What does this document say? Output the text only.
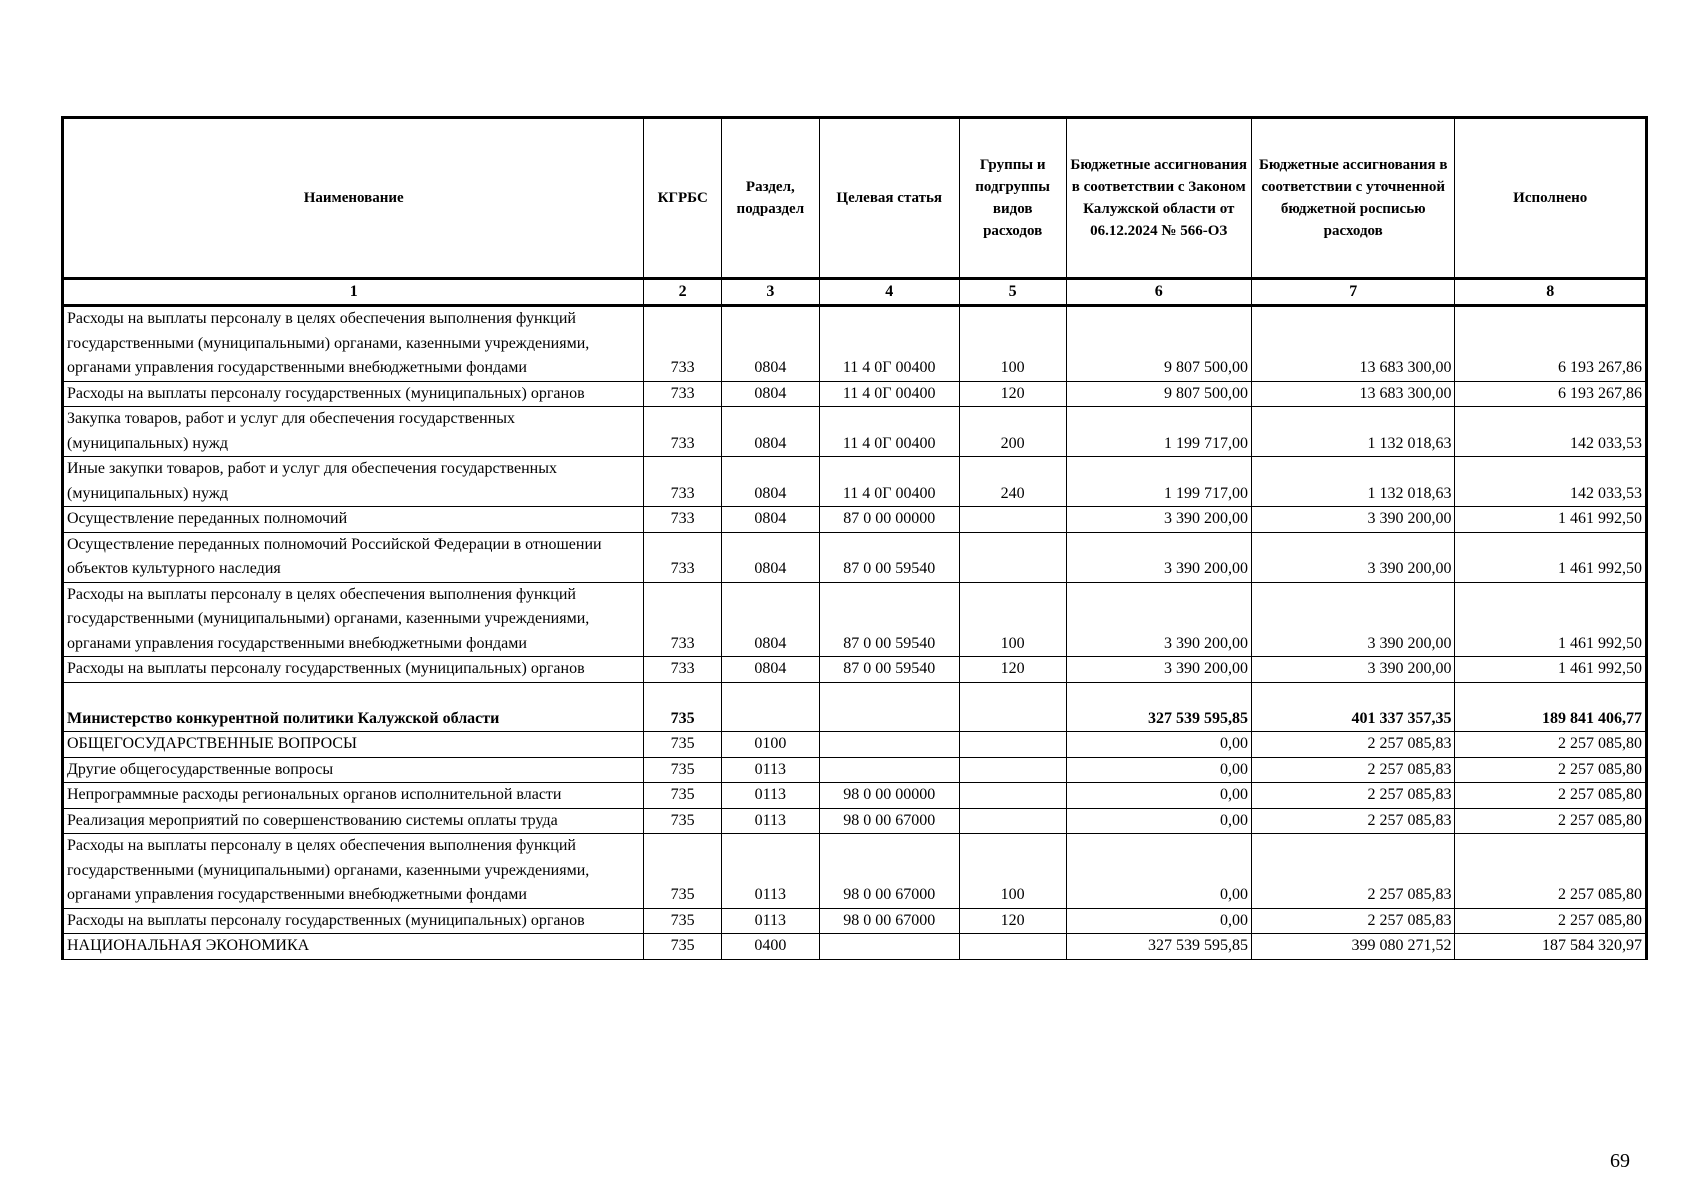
Наименование	КГРБС	Раздел, подраздел	Целевая статья	Группы и подгруппы видов расходов	Бюджетные ассигнования в соответствии с Законом Калужской области от 06.12.2024 № 566-ОЗ	Бюджетные ассигнования в соответствии с уточненной бюджетной росписью расходов	Исполнено
1	2	3	4	5	6	7	8
Расходы на выплаты персоналу в целях обеспечения выполнения функций государственными (муниципальными) органами, казенными учреждениями, органами управления государственными внебюджетными фондами	733	0804	11 4 0Г 00400	100	9 807 500,00	13 683 300,00	6 193 267,86
Расходы на выплаты персоналу государственных (муниципальных) органов	733	0804	11 4 0Г 00400	120	9 807 500,00	13 683 300,00	6 193 267,86
Закупка товаров, работ и услуг для обеспечения государственных (муниципальных) нужд	733	0804	11 4 0Г 00400	200	1 199 717,00	1 132 018,63	142 033,53
Иные закупки товаров, работ и услуг для обеспечения государственных (муниципальных) нужд	733	0804	11 4 0Г 00400	240	1 199 717,00	1 132 018,63	142 033,53
Осуществление переданных полномочий	733	0804	87 0 00 00000		3 390 200,00	3 390 200,00	1 461 992,50
Осуществление переданных полномочий Российской Федерации в отношении объектов культурного наследия	733	0804	87 0 00 59540		3 390 200,00	3 390 200,00	1 461 992,50
Расходы на выплаты персоналу в целях обеспечения выполнения функций государственными (муниципальными) органами, казенными учреждениями, органами управления государственными внебюджетными фондами	733	0804	87 0 00 59540	100	3 390 200,00	3 390 200,00	1 461 992,50
Расходы на выплаты персоналу государственных (муниципальных) органов	733	0804	87 0 00 59540	120	3 390 200,00	3 390 200,00	1 461 992,50
Министерство конкурентной политики Калужской области	735				327 539 595,85	401 337 357,35	189 841 406,77
ОБЩЕГОСУДАРСТВЕННЫЕ ВОПРОСЫ	735	0100			0,00	2 257 085,83	2 257 085,80
Другие общегосударственные вопросы	735	0113			0,00	2 257 085,83	2 257 085,80
Непрограммные расходы региональных органов исполнительной власти	735	0113	98 0 00 00000		0,00	2 257 085,83	2 257 085,80
Реализация мероприятий по совершенствованию системы оплаты труда	735	0113	98 0 00 67000		0,00	2 257 085,83	2 257 085,80
Расходы на выплаты персоналу в целях обеспечения выполнения функций государственными (муниципальными) органами, казенными учреждениями, органами управления государственными внебюджетными фондами	735	0113	98 0 00 67000	100	0,00	2 257 085,83	2 257 085,80
Расходы на выплаты персоналу государственных (муниципальных) органов	735	0113	98 0 00 67000	120	0,00	2 257 085,83	2 257 085,80
НАЦИОНАЛЬНАЯ ЭКОНОМИКА	735	0400			327 539 595,85	399 080 271,52	187 584 320,97
69
